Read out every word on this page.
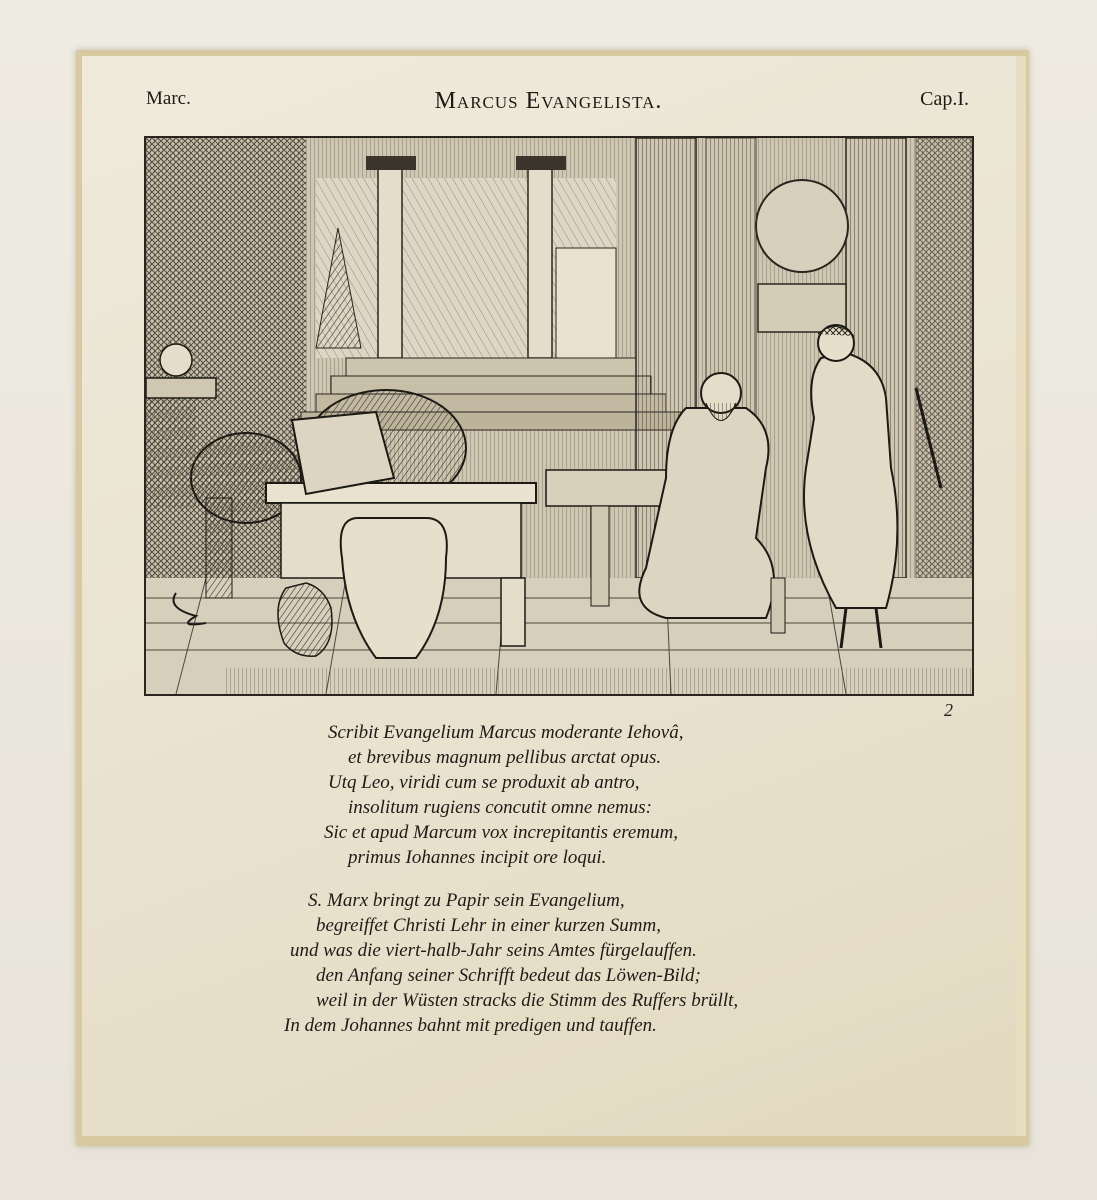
Marc.	Marcus Evangelista.	Cap.I.
2

Scribit Evangelium Marcus moderante Iehovâ,

et brevibus magnum pellibus arctat opus.

Utq Leo, viridi cum se produxit ab antro,

insolitum rugiens concutit omne nemus:

Sic et apud Marcum vox increpitantis eremum,

primus Iohannes incipit ore loqui.

S. Marx bringt zu Papir sein Evangelium,

begreiffet Christi Lehr in einer kurzen Summ,

und was die viert-halb-Jahr seins Amtes fürgelauffen.

den Anfang seiner Schrifft bedeut das Löwen-Bild;

weil in der Wüsten stracks die Stimm des Ruffers brüllt,

In dem Johannes bahnt mit predigen und tauffen.
